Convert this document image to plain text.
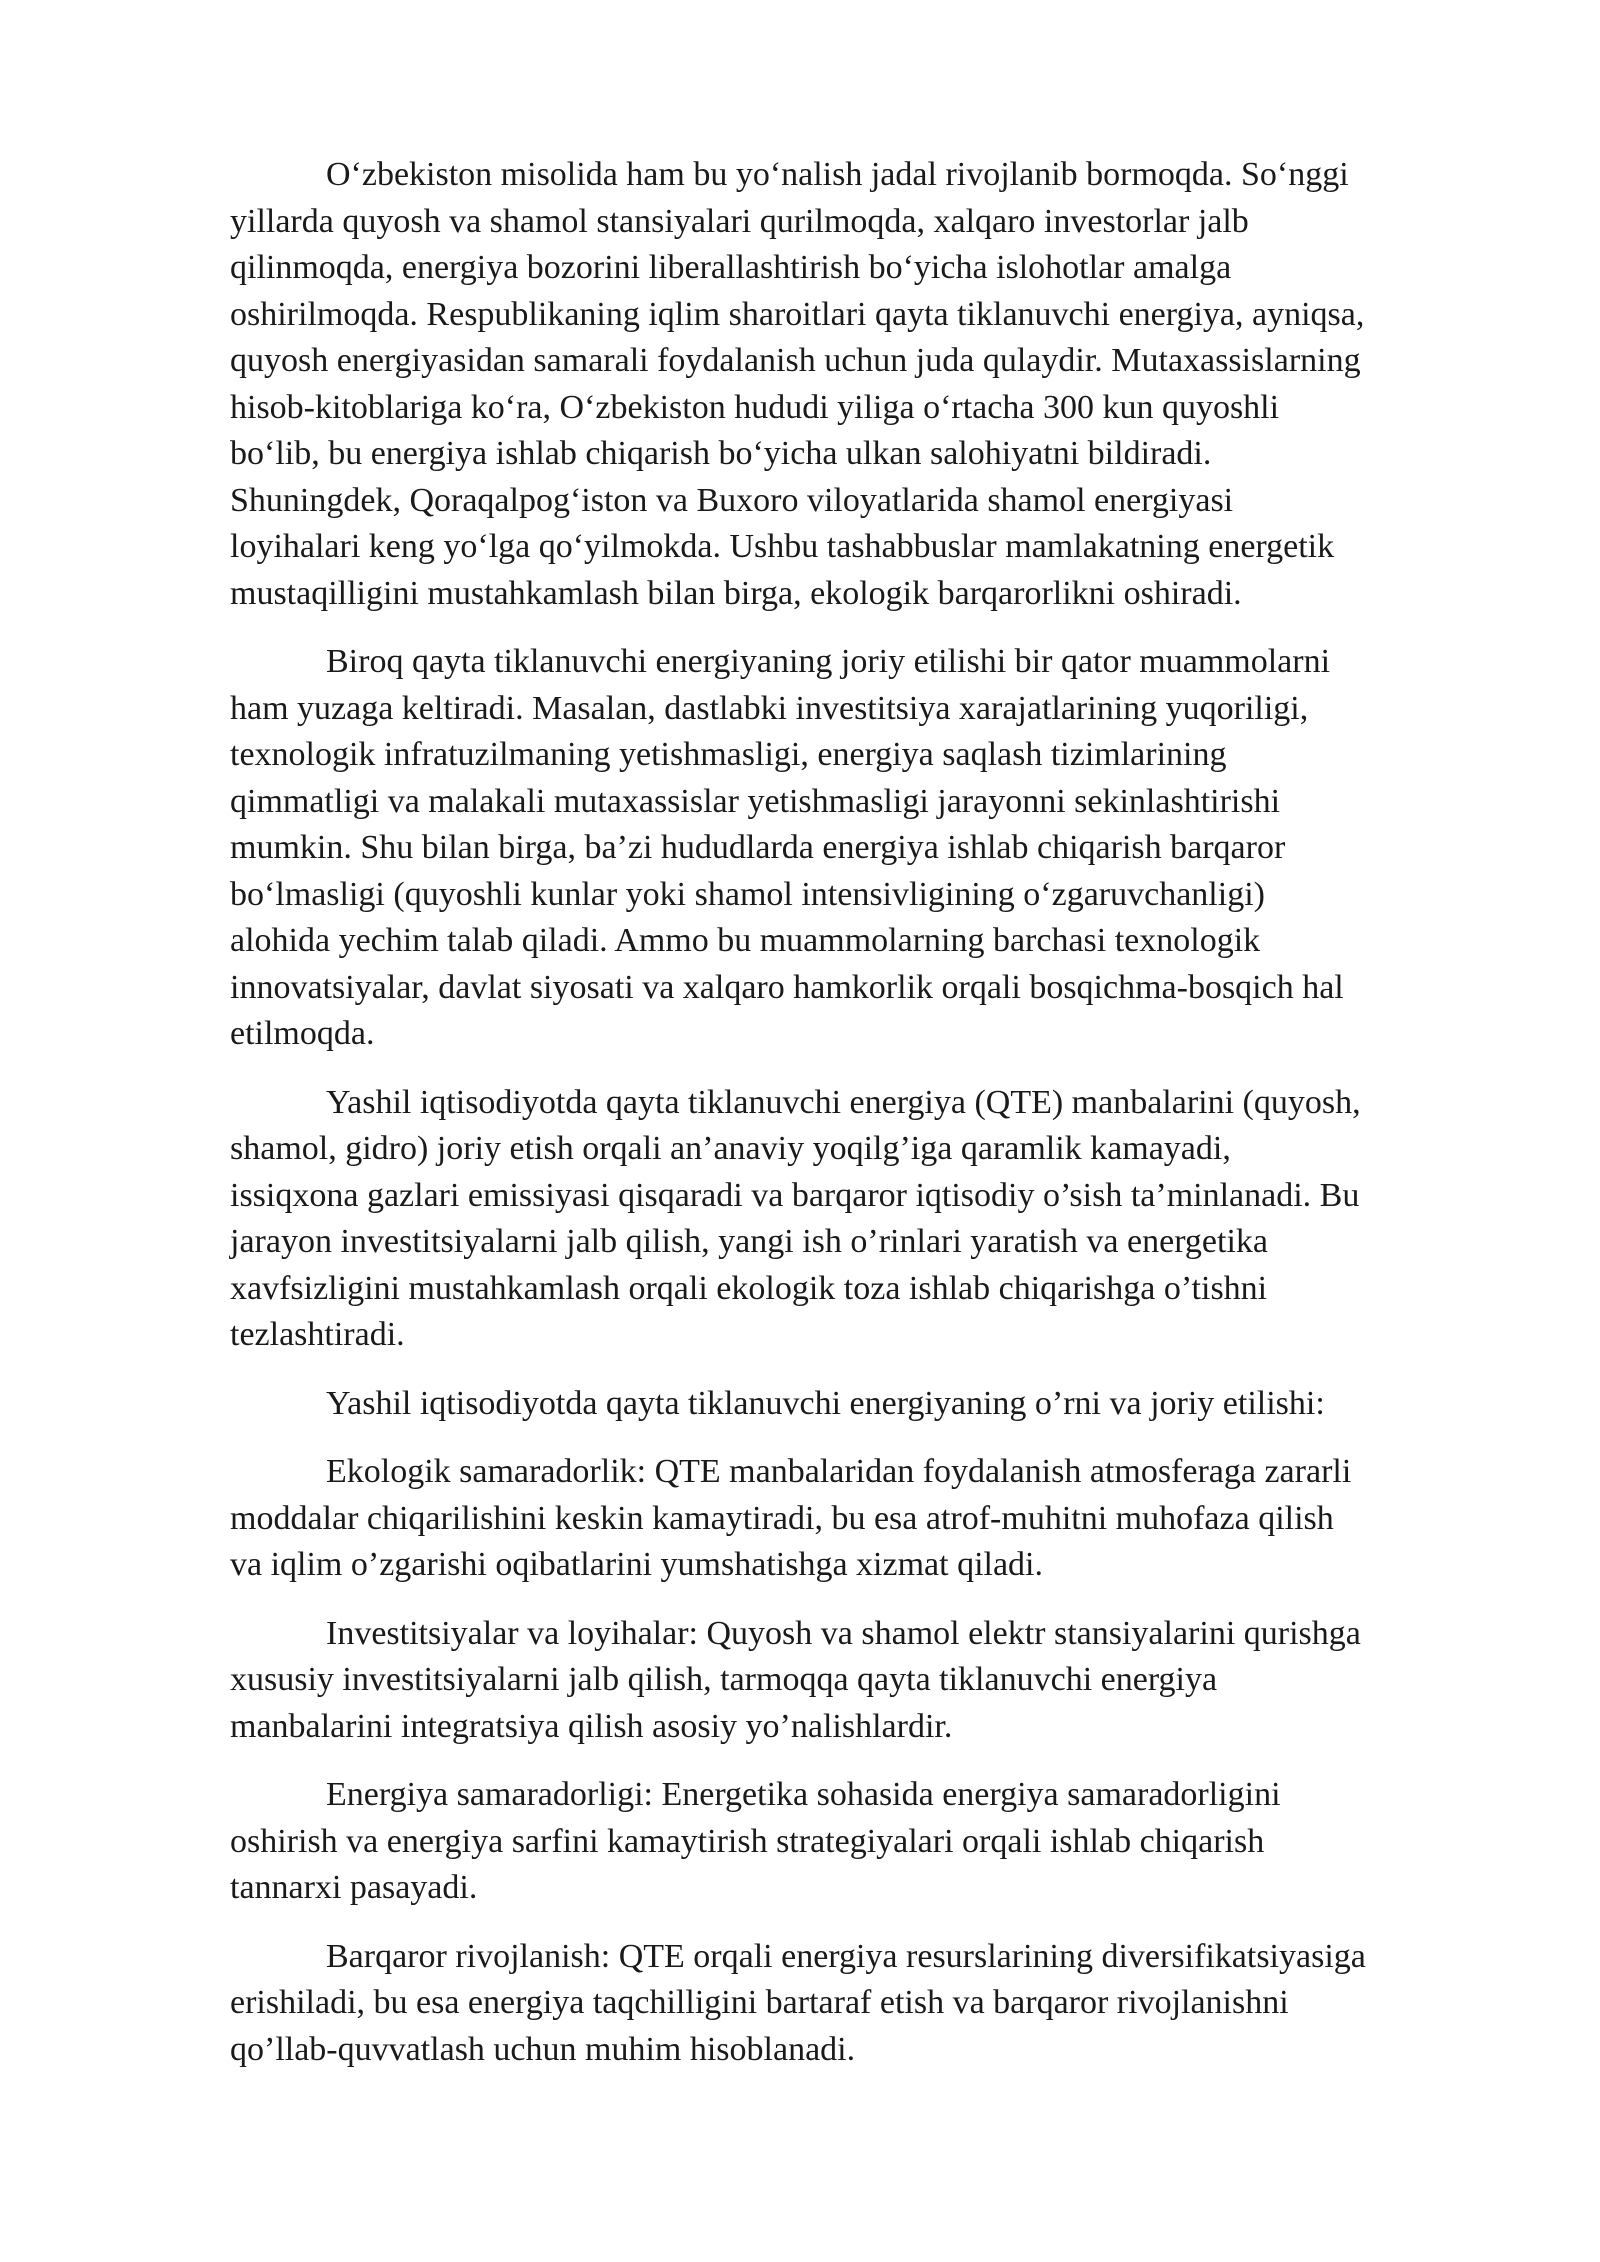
O‘zbekiston misolida ham bu yo‘nalish jadal rivojlanib bormoqda. So‘nggi
yillarda quyosh va shamol stansiyalari qurilmoqda, xalqaro investorlar jalb
qilinmoqda, energiya bozorini liberallashtirish bo‘yicha islohotlar amalga
oshirilmoqda. Respublikaning iqlim sharoitlari qayta tiklanuvchi energiya, ayniqsa,
quyosh energiyasidan samarali foydalanish uchun juda qulaydir. Mutaxassislarning
hisob-kitoblariga ko‘ra, O‘zbekiston hududi yiliga o‘rtacha 300 kun quyoshli
bo‘lib, bu energiya ishlab chiqarish bo‘yicha ulkan salohiyatni bildiradi.
Shuningdek, Qoraqalpog‘iston va Buxoro viloyatlarida shamol energiyasi
loyihalari keng yo‘lga qo‘yilmokda. Ushbu tashabbuslar mamlakatning energetik
mustaqilligini mustahkamlash bilan birga, ekologik barqarorlikni oshiradi.
Biroq qayta tiklanuvchi energiyaning joriy etilishi bir qator muammolarni
ham yuzaga keltiradi. Masalan, dastlabki investitsiya xarajatlarining yuqoriligi,
texnologik infratuzilmaning yetishmasligi, energiya saqlash tizimlarining
qimmatligi va malakali mutaxassislar yetishmasligi jarayonni sekinlashtirishi
mumkin. Shu bilan birga, ba’zi hududlarda energiya ishlab chiqarish barqaror
bo‘lmasligi (quyoshli kunlar yoki shamol intensivligining o‘zgaruvchanligi)
alohida yechim talab qiladi. Ammo bu muammolarning barchasi texnologik
innovatsiyalar, davlat siyosati va xalqaro hamkorlik orqali bosqichma-bosqich hal
etilmoqda.
Yashil iqtisodiyotda qayta tiklanuvchi energiya (QTE) manbalarini (quyosh,
shamol, gidro) joriy etish orqali an’anaviy yoqilg’iga qaramlik kamayadi,
issiqxona gazlari emissiyasi qisqaradi va barqaror iqtisodiy o’sish ta’minlanadi. Bu
jarayon investitsiyalarni jalb qilish, yangi ish o’rinlari yaratish va energetika
xavfsizligini mustahkamlash orqali ekologik toza ishlab chiqarishga o’tishni
tezlashtiradi.
Yashil iqtisodiyotda qayta tiklanuvchi energiyaning o’rni va joriy etilishi:
Ekologik samaradorlik: QTE manbalaridan foydalanish atmosferaga zararli
moddalar chiqarilishini keskin kamaytiradi, bu esa atrof-muhitni muhofaza qilish
va iqlim o’zgarishi oqibatlarini yumshatishga xizmat qiladi.
Investitsiyalar va loyihalar: Quyosh va shamol elektr stansiyalarini qurishga
xususiy investitsiyalarni jalb qilish, tarmoqqa qayta tiklanuvchi energiya
manbalarini integratsiya qilish asosiy yo’nalishlardir.
Energiya samaradorligi: Energetika sohasida energiya samaradorligini
oshirish va energiya sarfini kamaytirish strategiyalari orqali ishlab chiqarish
tannarxi pasayadi.
Barqaror rivojlanish: QTE orqali energiya resurslarining diversifikatsiyasiga
erishiladi, bu esa energiya taqchilligini bartaraf etish va barqaror rivojlanishni
qo’llab-quvvatlash uchun muhim hisoblanadi.
